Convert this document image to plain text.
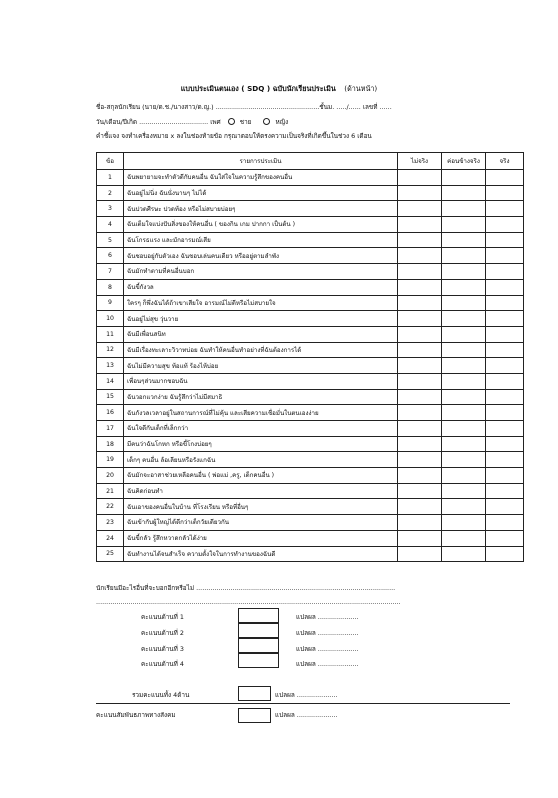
แบบประเมินตนเอง ( SDQ ) ฉบับนักเรียนประเมิน (ด้านหน้า)
ชื่อ-สกุลนักเรียน (นาย/ด.ช./นางสาว/ด.ญ.) ...................................................ชั้นม. ...../...... เลขที่ ......
วัน/เดือน/ปีเกิด .................................. เพศ	ชาย	หญิง
คำชี้แจง จงทำเครื่องหมาย x ลงในช่องท้ายข้อ กรุณาตอบให้ตรงความเป็นจริงที่เกิดขึ้นในช่วง 6 เดือน
ข้อ	รายการประเมิน	ไม่จริง	ค่อนข้างจริง	จริง
1	ฉันพยายามจะทำตัวดีกับคนอื่น ฉันใส่ใจในความรู้สึกของคนอื่น			
2	ฉันอยู่ไม่นิ่ง ฉันนั่งนานๆ ไม่ได้			
3	ฉันปวดศีรษะ ปวดท้อง หรือไม่สบายบ่อยๆ			
4	ฉันเต็มใจแบ่งปันสิ่งของให้คนอื่น ( ของกิน เกม ปากกา เป็นต้น )			
5	ฉันโกรธแรง และมักอารมณ์เสีย			
6	ฉันชอบอยู่กับตัวเอง ฉันชอบเล่นคนเดียว หรืออยู่ตามลำพัง			
7	ฉันมักทำตามที่คนอื่นบอก			
8	ฉันขี้กังวล			
9	ใครๆ ก็พึ่งฉันได้ถ้าเขาเสียใจ อารมณ์ไม่ดีหรือไม่สบายใจ			
10	ฉันอยู่ไม่สุข วุ่นวาย			
11	ฉันมีเพื่อนสนิท			
12	ฉันมีเรื่องทะเลาะวิวาทบ่อย ฉันทำให้คนอื่นทำอย่างที่ฉันต้องการได้			
13	ฉันไม่มีความสุข ท้อแท้ ร้องไห้บ่อย			
14	เพื่อนๆส่วนมากชอบฉัน			
15	ฉันวอกแวกง่าย ฉันรู้สึกว่าไม่มีสมาธิ			
16	ฉันกังวลเวลาอยู่ในสถานการณ์ที่ไม่คุ้น และเสียความเชื่อมั่นในตนเองง่าย			
17	ฉันใจดีกับเด็กที่เล็กกว่า			
18	มีคนว่าฉันโกหก หรือขี้โกงบ่อยๆ			
19	เด็กๆ คนอื่น ล้อเลียนหรือรังแกฉัน			
20	ฉันมักจะอาสาช่วยเหลือคนอื่น ( พ่อแม่ ,ครู, เด็กคนอื่น )			
21	ฉันคิดก่อนทำ			
22	ฉันเอาของคนอื่นในบ้าน ที่โรงเรียน หรือที่อื่นๆ			
23	ฉันเข้ากับผู้ใหญ่ได้ดีกว่าเด็กวัยเดียวกัน			
24	ฉันขี้กลัว รู้สึกหวาดกลัวได้ง่าย			
25	ฉันทำงานได้จนสำเร็จ ความตั้งใจในการทำงานของฉันดี			
นักเรียนมีอะไรอื่นที่จะบอกอีกหรือไม่ ..................................................................................................
......................................................................................................................................................
คะแนนด้านที่ 1	แปลผล ....................
คะแนนด้านที่ 2	แปลผล ....................
คะแนนด้านที่ 3	แปลผล ....................
คะแนนด้านที่ 4	แปลผล ....................
รวมคะแนนทั้ง 4ด้าน	แปลผล ....................
คะแนนสัมพันธภาพทางสังคม	แปลผล ....................
